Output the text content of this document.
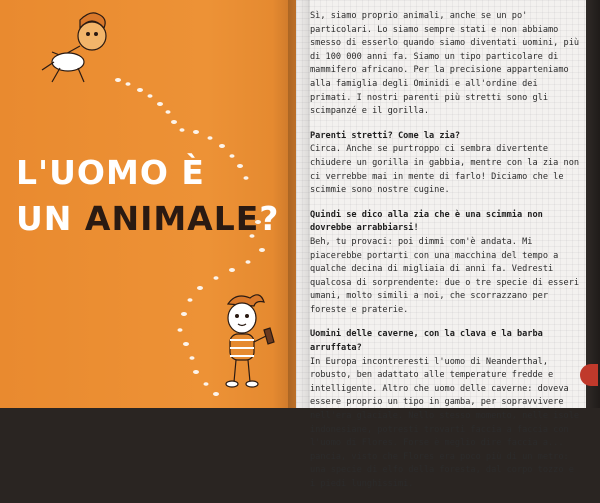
L'UOMO È
UN ANIMALE?

Sì, siamo proprio animali, anche se un po' particolari. Lo siamo sempre stati e non abbiamo smesso di esserlo quando siamo diventati uomini, più di 100 000 anni fa. Siamo un tipo particolare di mammifero africano. Per la precisione apparteniamo alla famiglia degli Ominidi e all'ordine dei primati. I nostri parenti più stretti sono gli scimpanzé e il gorilla.

Parenti stretti? Come la zia?

Circa. Anche se purtroppo ci sembra divertente chiudere un gorilla in gabbia, mentre con la zia non ci verrebbe mai in mente di farlo! Diciamo che le scimmie sono nostre cugine.

Quindi se dico alla zia che è una scimmia non dovrebbe arrabbiarsi!

Beh, tu provaci: poi dimmi com'è andata. Mi piacerebbe portarti con una macchina del tempo a qualche decina di migliaia di anni fa. Vedresti qualcosa di sorprendente: due o tre specie di esseri umani, molto simili a noi, che scorrazzano per foreste e praterie.

Uomini delle caverne, con la clava e la barba arruffata?

In Europa incontreresti l'uomo di Neanderthal, robusto, ben adattato alle temperature fredde e intelligente. Altro che uomo delle caverne: doveva essere proprio un tipo in gamba, per sopravvivere nell'era glaciale. Nello stesso momento, nelle isole indonesiane, potresti trovarti faccia a faccia con l'uomo di Flores. Forse è meglio dire faccia a... pancia, visto che Flores era poco più di un metro: una specie di elfo della foresta, dal corpo tozzo e i piedi lunghissimi.
